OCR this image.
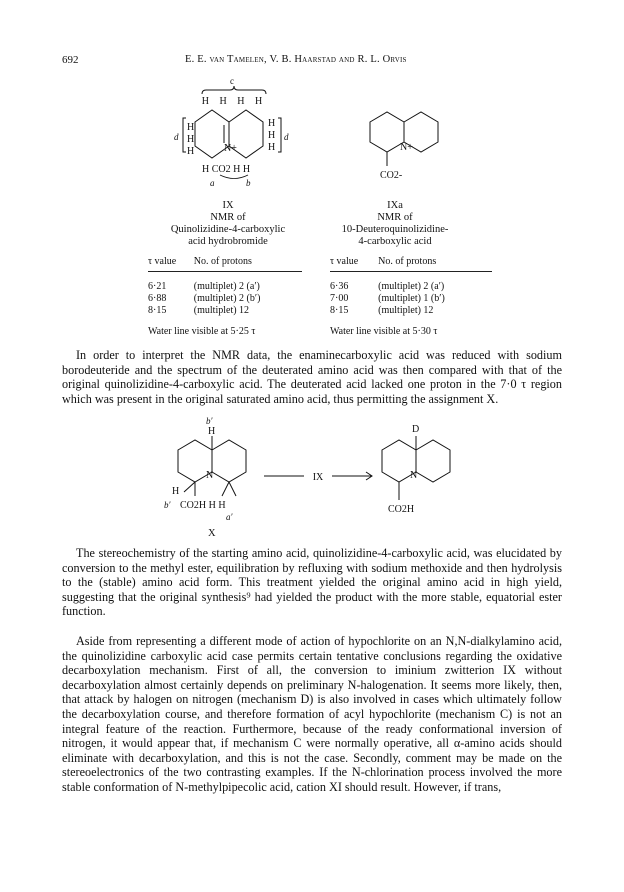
692	E. E. van Tamelen, V. B. Haarstad and R. L. Orvis
c
H H H H
H
H
H
H
H
H
d	d
N+
H CO2 H H
a	b
IX
NMR of
Quinolizidine-4-carboxylic
acid hydrobromide
N+
CO2-
IXa
NMR of
10-Deuteroquinolizidine-
4-carboxylic acid
τ value	No. of protons
6·21	(multiplet) 2 (a′)
6·88	(multiplet) 2 (b′)
8·15	(multiplet) 12
Water line visible at 5·25 τ
τ value	No. of protons
6·36	(multiplet) 2 (a′)
7·00	(multiplet) 1 (b′)
8·15	(multiplet) 12
Water line visible at 5·30 τ
In order to interpret the NMR data, the enaminecarboxylic acid was reduced with sodium borodeuteride and the spectrum of the deuterated amino acid was then compared with that of the original quinolizidine-4-carboxylic acid. The deuterated acid lacked one proton in the 7·0 τ region which was present in the original saturated amino acid, thus permitting the assignment X.
b′
H
N
H
b′ CO2H H H
a′
IX
D
N
CO2H
X
The stereochemistry of the starting amino acid, quinolizidine-4-carboxylic acid, was elucidated by conversion to the methyl ester, equilibration by refluxing with sodium methoxide and then hydrolysis to the (stable) amino acid form. This treatment yielded the original amino acid in high yield, suggesting that the original synthesis⁹ had yielded the product with the more stable, equatorial ester function.
Aside from representing a different mode of action of hypochlorite on an N,N-dialkylamino acid, the quinolizidine carboxylic acid case permits certain tentative conclusions regarding the oxidative decarboxylation mechanism. First of all, the conversion to iminium zwitterion IX without decarboxylation almost certainly depends on preliminary N-halogenation. It seems more likely, then, that attack by halogen on nitrogen (mechanism D) is also involved in cases which ultimately follow the decarboxylation course, and therefore formation of acyl hypochlorite (mechanism C) is not an integral feature of the reaction. Furthermore, because of the ready conformational inversion of nitrogen, it would appear that, if mechanism C were normally operative, all α-amino acids should eliminate with decarboxylation, and this is not the case. Secondly, comment may be made on the stereoelectronics of the two contrasting examples. If the N-chlorination process involved the more stable conformation of N-methylpipecolic acid, cation XI should result. However, if trans,
